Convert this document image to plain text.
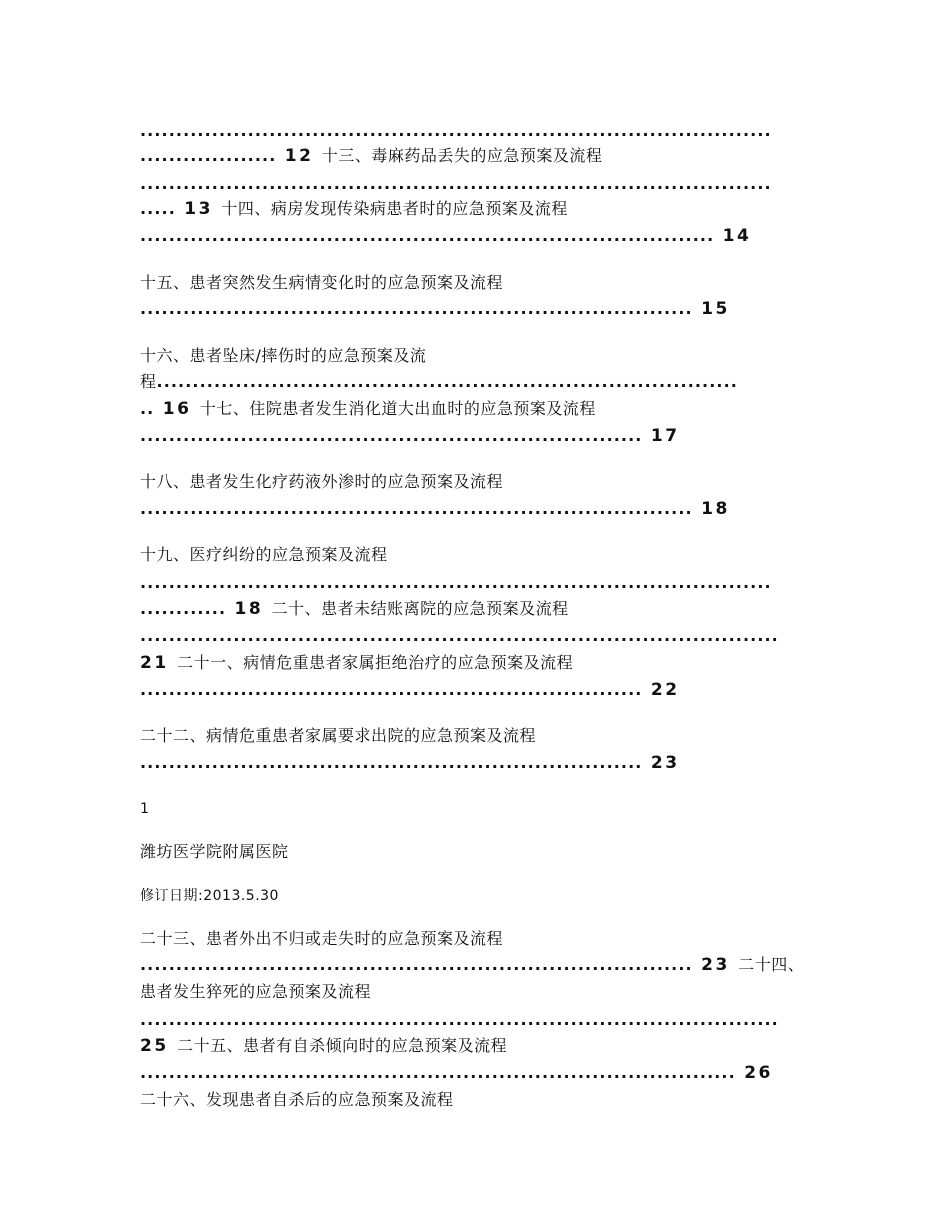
........................................................................................
................... 12 十三、毒麻药品丢失的应急预案及流程
........................................................................................
..... 13 十四、病房发现传染病患者时的应急预案及流程
................................................................................ 14
十五、患者突然发生病情变化时的应急预案及流程
............................................................................. 15
十六、患者坠床/摔伤时的应急预案及流
程.................................................................................
.. 16 十七、住院患者发生消化道大出血时的应急预案及流程
...................................................................... 17
十八、患者发生化疗药液外渗时的应急预案及流程
............................................................................. 18
十九、医疗纠纷的应急预案及流程
........................................................................................
............ 18 二十、患者未结账离院的应急预案及流程
.........................................................................................
21 二十一、病情危重患者家属拒绝治疗的应急预案及流程
...................................................................... 22
二十二、病情危重患者家属要求出院的应急预案及流程
...................................................................... 23
1
潍坊医学院附属医院
修订日期:2013.5.30
二十三、患者外出不归或走失时的应急预案及流程
............................................................................. 23 二十四、
患者发生猝死的应急预案及流程
.........................................................................................
25 二十五、患者有自杀倾向时的应急预案及流程
................................................................................... 26
二十六、发现患者自杀后的应急预案及流程
